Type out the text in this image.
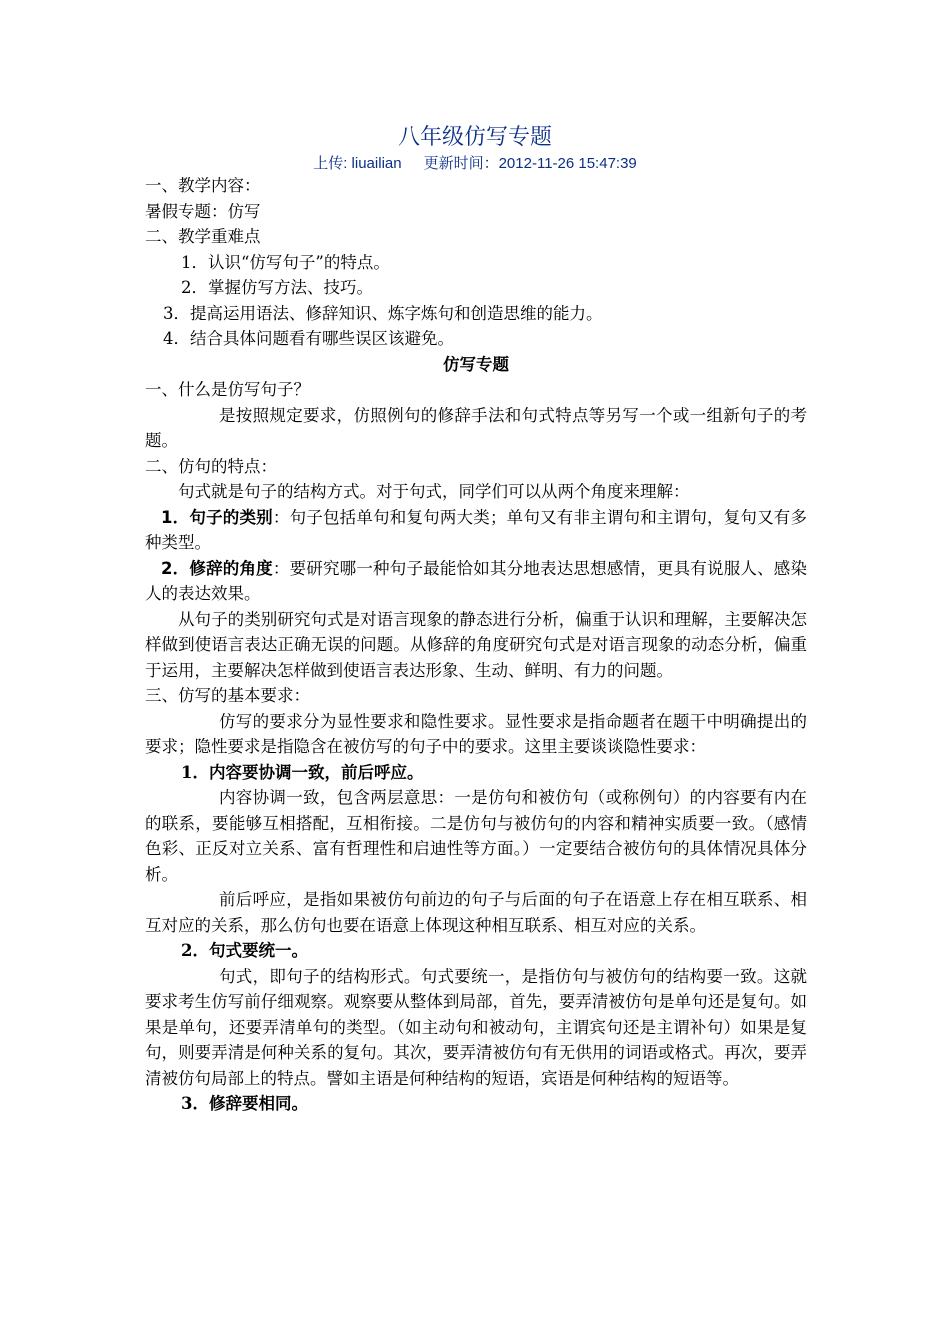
八年级仿写专题
上传: liuailian 更新时间：2012-11-26 15:47:39

一、教学内容：

暑假专题：仿写

二、教学重难点

1．认识“仿写句子”的特点。

2．掌握仿写方法、技巧。

3．提高运用语法、修辞知识、炼字炼句和创造思维的能力。

4．结合具体问题看有哪些误区该避免。

仿写专题

一、什么是仿写句子？

是按照规定要求，仿照例句的修辞手法和句式特点等另写一个或一组新句子的考题。

二、仿句的特点：

句式就是句子的结构方式。对于句式，同学们可以从两个角度来理解：

1．句子的类别：句子包括单句和复句两大类；单句又有非主谓句和主谓句，复句又有多种类型。

2．修辞的角度：要研究哪一种句子最能恰如其分地表达思想感情，更具有说服人、感染人的表达效果。

从句子的类别研究句式是对语言现象的静态进行分析，偏重于认识和理解，主要解决怎样做到使语言表达正确无误的问题。从修辞的角度研究句式是对语言现象的动态分析，偏重于运用，主要解决怎样做到使语言表达形象、生动、鲜明、有力的问题。

三、仿写的基本要求：

仿写的要求分为显性要求和隐性要求。显性要求是指命题者在题干中明确提出的要求；隐性要求是指隐含在被仿写的句子中的要求。这里主要谈谈隐性要求：

1．内容要协调一致，前后呼应。

内容协调一致，包含两层意思：一是仿句和被仿句（或称例句）的内容要有内在的联系，要能够互相搭配，互相衔接。二是仿句与被仿句的内容和精神实质要一致。（感情色彩、正反对立关系、富有哲理性和启迪性等方面。）一定要结合被仿句的具体情况具体分析。

前后呼应，是指如果被仿句前边的句子与后面的句子在语意上存在相互联系、相互对应的关系，那么仿句也要在语意上体现这种相互联系、相互对应的关系。

2．句式要统一。

句式，即句子的结构形式。句式要统一，是指仿句与被仿句的结构要一致。这就要求考生仿写前仔细观察。观察要从整体到局部，首先，要弄清被仿句是单句还是复句。如果是单句，还要弄清单句的类型。（如主动句和被动句，主谓宾句还是主谓补句）如果是复句，则要弄清是何种关系的复句。其次，要弄清被仿句有无供用的词语或格式。再次，要弄清被仿句局部上的特点。譬如主语是何种结构的短语，宾语是何种结构的短语等。

3．修辞要相同。
